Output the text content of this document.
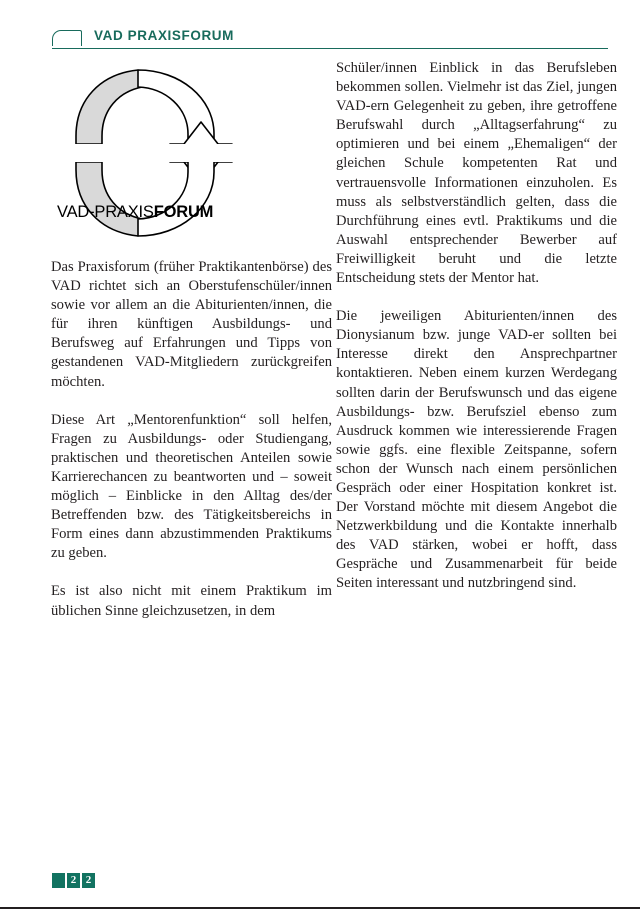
VAD PRAXISFORUM
VAD-PRAXISFORUM

Das Praxisforum (früher Praktikantenbörse) des VAD richtet sich an Oberstufenschüler/innen sowie vor allem an die Abiturienten/innen, die für ihren künftigen Ausbildungs- und Berufsweg auf Erfahrungen und Tipps von gestandenen VAD-Mitgliedern zurückgreifen möchten.

Diese Art „Mentorenfunktion“ soll helfen, Fragen zu Ausbildungs- oder Studiengang, praktischen und theoretischen Anteilen sowie Karrierechancen zu beantworten und – soweit möglich – Einblicke in den Alltag des/der Betreffenden bzw. des Tätigkeitsbereichs in Form eines dann abzustimmenden Praktikums zu geben.

Es ist also nicht mit einem Praktikum im üblichen Sinne gleichzusetzen, in dem

Schüler/innen Einblick in das Berufsleben bekommen sollen. Vielmehr ist das Ziel, jungen VAD-ern Gelegenheit zu geben, ihre getroffene Berufswahl durch „Alltagserfahrung“ zu optimieren und bei einem „Ehemaligen“ der gleichen Schule kompetenten Rat und vertrauensvolle Informationen einzuholen. Es muss als selbstverständlich gelten, dass die Durchführung eines evtl. Praktikums und die Auswahl entsprechender Bewerber auf Freiwilligkeit beruht und die letzte Entscheidung stets der Mentor hat.

Die jeweiligen Abiturienten/innen des Dionysianum bzw. junge VAD-er sollten bei Interesse direkt den Ansprechpartner kontaktieren. Neben einem kurzen Werdegang sollten darin der Berufswunsch und das eigene Ausbildungs- bzw. Berufsziel ebenso zum Ausdruck kommen wie interessierende Fragen sowie ggfs. eine flexible Zeitspanne, sofern schon der Wunsch nach einem persönlichen Gespräch oder einer Hospitation konkret ist. Der Vorstand möchte mit diesem Angebot die Netzwerkbildung und die Kontakte innerhalb des VAD stärken, wobei er hofft, dass Gespräche und Zusammenarbeit für beide Seiten interessant und nutzbringend sind.

2 2
